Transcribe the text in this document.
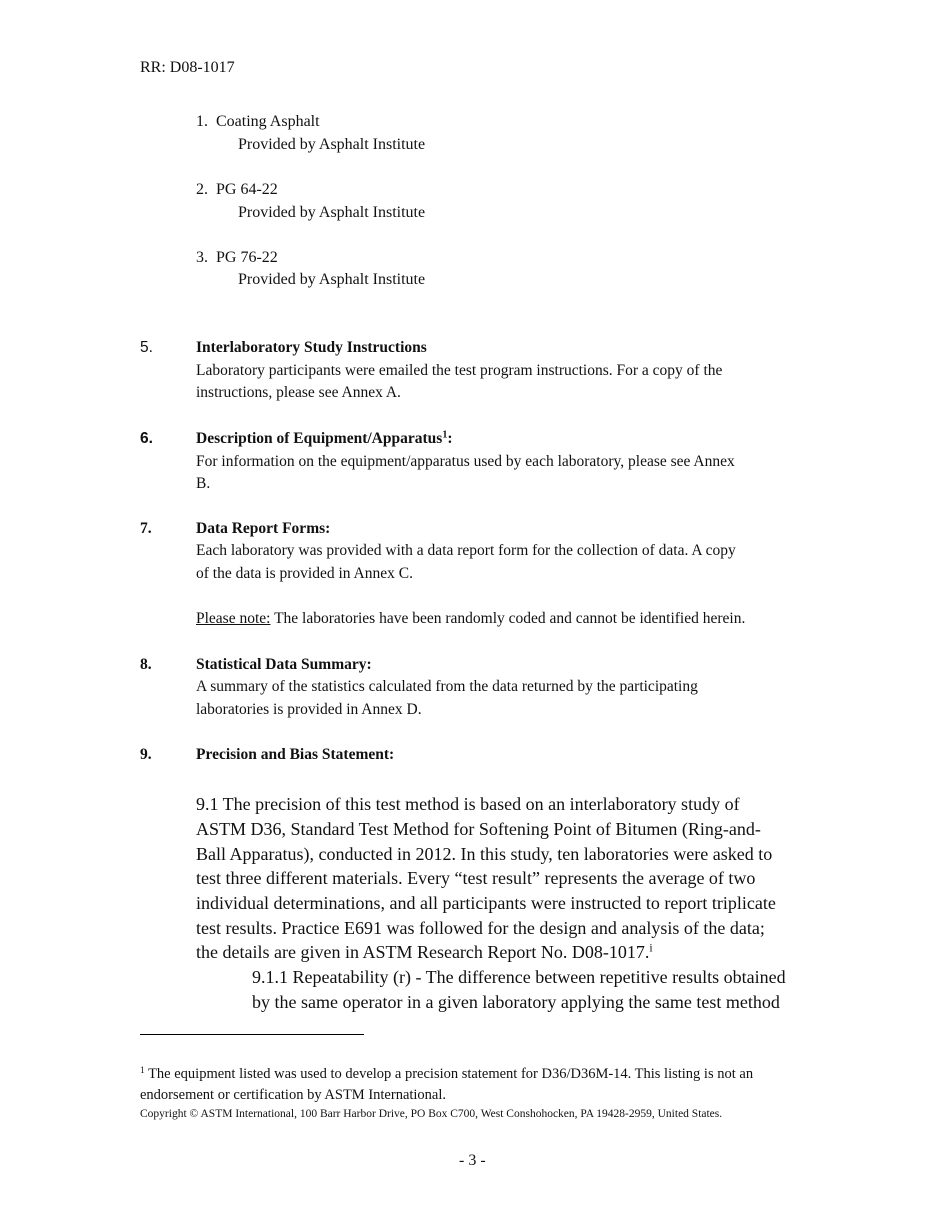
RR: D08-1017
1. Coating Asphalt
Provided by Asphalt Institute
2. PG 64-22
Provided by Asphalt Institute
3. PG 76-22
Provided by Asphalt Institute
5.	Interlaboratory Study Instructions
Laboratory participants were emailed the test program instructions. For a copy of the
instructions, please see Annex A.
6.	Description of Equipment/Apparatus$^1$:
For information on the equipment/apparatus used by each laboratory, please see Annex
B.
7.	Data Report Forms:
Each laboratory was provided with a data report form for the collection of data. A copy
of the data is provided in Annex C.
Please note: The laboratories have been randomly coded and cannot be identified herein.
8.	Statistical Data Summary:
A summary of the statistics calculated from the data returned by the participating
laboratories is provided in Annex D.
9.	Precision and Bias Statement:
9.1 The precision of this test method is based on an interlaboratory study of
ASTM D36, Standard Test Method for Softening Point of Bitumen (Ring-and-
Ball Apparatus), conducted in 2012. In this study, ten laboratories were asked to
test three different materials. Every “test result” represents the average of two
individual determinations, and all participants were instructed to report triplicate
test results. Practice E691 was followed for the design and analysis of the data;
the details are given in ASTM Research Report No. D08-1017.$^i$
9.1.1 Repeatability (r) - The difference between repetitive results obtained
by the same operator in a given laboratory applying the same test method
$^1$ The equipment listed was used to develop a precision statement for D36/D36M-14. This listing is not an
endorsement or certification by ASTM International.
Copyright © ASTM International, 100 Barr Harbor Drive, PO Box C700, West Conshohocken, PA 19428-2959, United States.
- 3 -
